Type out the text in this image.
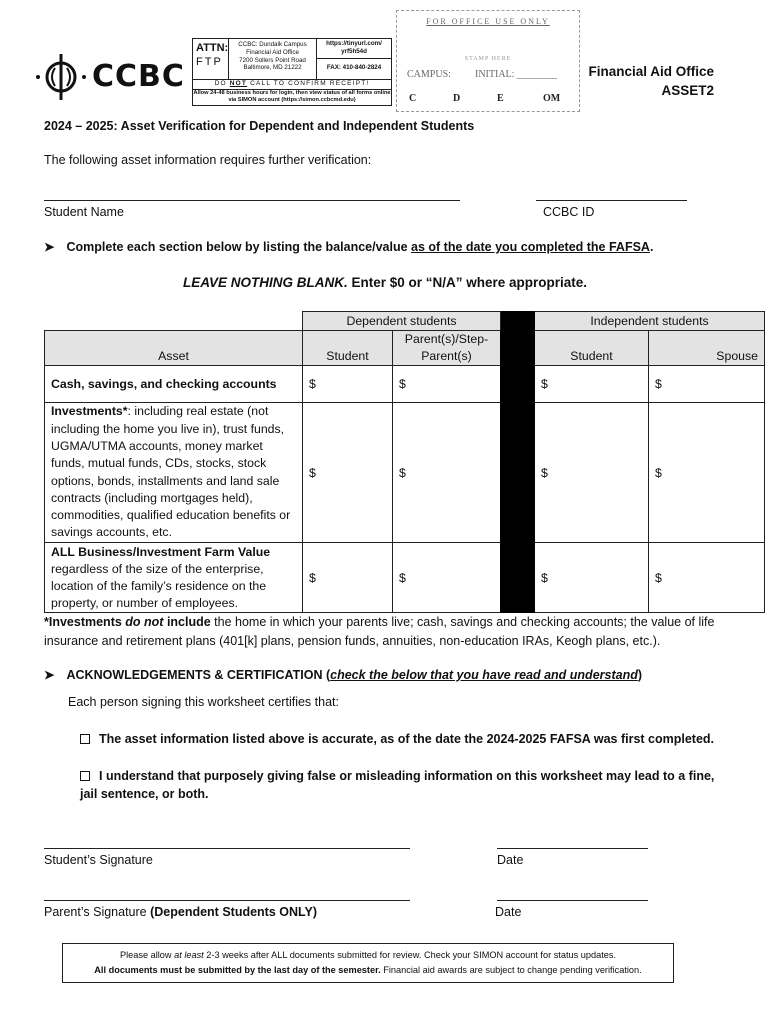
CCBC
ATTN:
FTP
CCBC: Dundalk Campus
Financial Aid Office
7200 Sollers Point Road
Baltimore, MD 21222
https://tinyurl.com/ yrf5h54d
FAX: 410-840-2824
DO NOT CALL TO CONFIRM RECEIPT!
Allow 24-48 business hours for login, then view status of all forms online via SIMON account (https://simon.ccbcmd.edu)
FOR OFFICE USE ONLY
STAMP HERE
CAMPUS: INITIAL: ________
C	D	E	OM
Financial Aid Office
ASSET2
2024 – 2025: Asset Verification for Dependent and Independent Students
The following asset information requires further verification:
Student Name	CCBC ID
➤ Complete each section below by listing the balance/value as of the date you completed the FAFSA.
LEAVE NOTHING BLANK. Enter $0 or “N/A” where appropriate.
	Dependent students			Independent students	
Asset	Student	Parent(s)/Step-Parent(s)		Student	Spouse
Cash, savings, and checking accounts	$	$		$	$
Investments*: including real estate (not including the home you live in), trust funds, UGMA/UTMA accounts, money market funds, mutual funds, CDs, stocks, stock options, bonds, installments and land sale contracts (including mortgages held), commodities, qualified education benefits or savings accounts, etc.	$	$		$	$
ALL Business/Investment Farm Value
regardless of the size of the enterprise, location of the family’s residence on the property, or number of employees.	$	$		$	$
*Investments do not include the home in which your parents live; cash, savings and checking accounts; the value of life insurance and retirement plans (401[k] plans, pension funds, annuities, non-education IRAs, Keogh plans, etc.).
➤ ACKNOWLEDGEMENTS & CERTIFICATION (check the below that you have read and understand)
Each person signing this worksheet certifies that:
The asset information listed above is accurate, as of the date the 2024-2025 FAFSA was first completed.
I understand that purposely giving false or misleading information on this worksheet may lead to a fine, jail sentence, or both.
Student’s Signature	Date
Parent’s Signature (Dependent Students ONLY)	Date
Please allow at least 2-3 weeks after ALL documents submitted for review. Check your SIMON account for status updates.
All documents must be submitted by the last day of the semester. Financial aid awards are subject to change pending verification.
